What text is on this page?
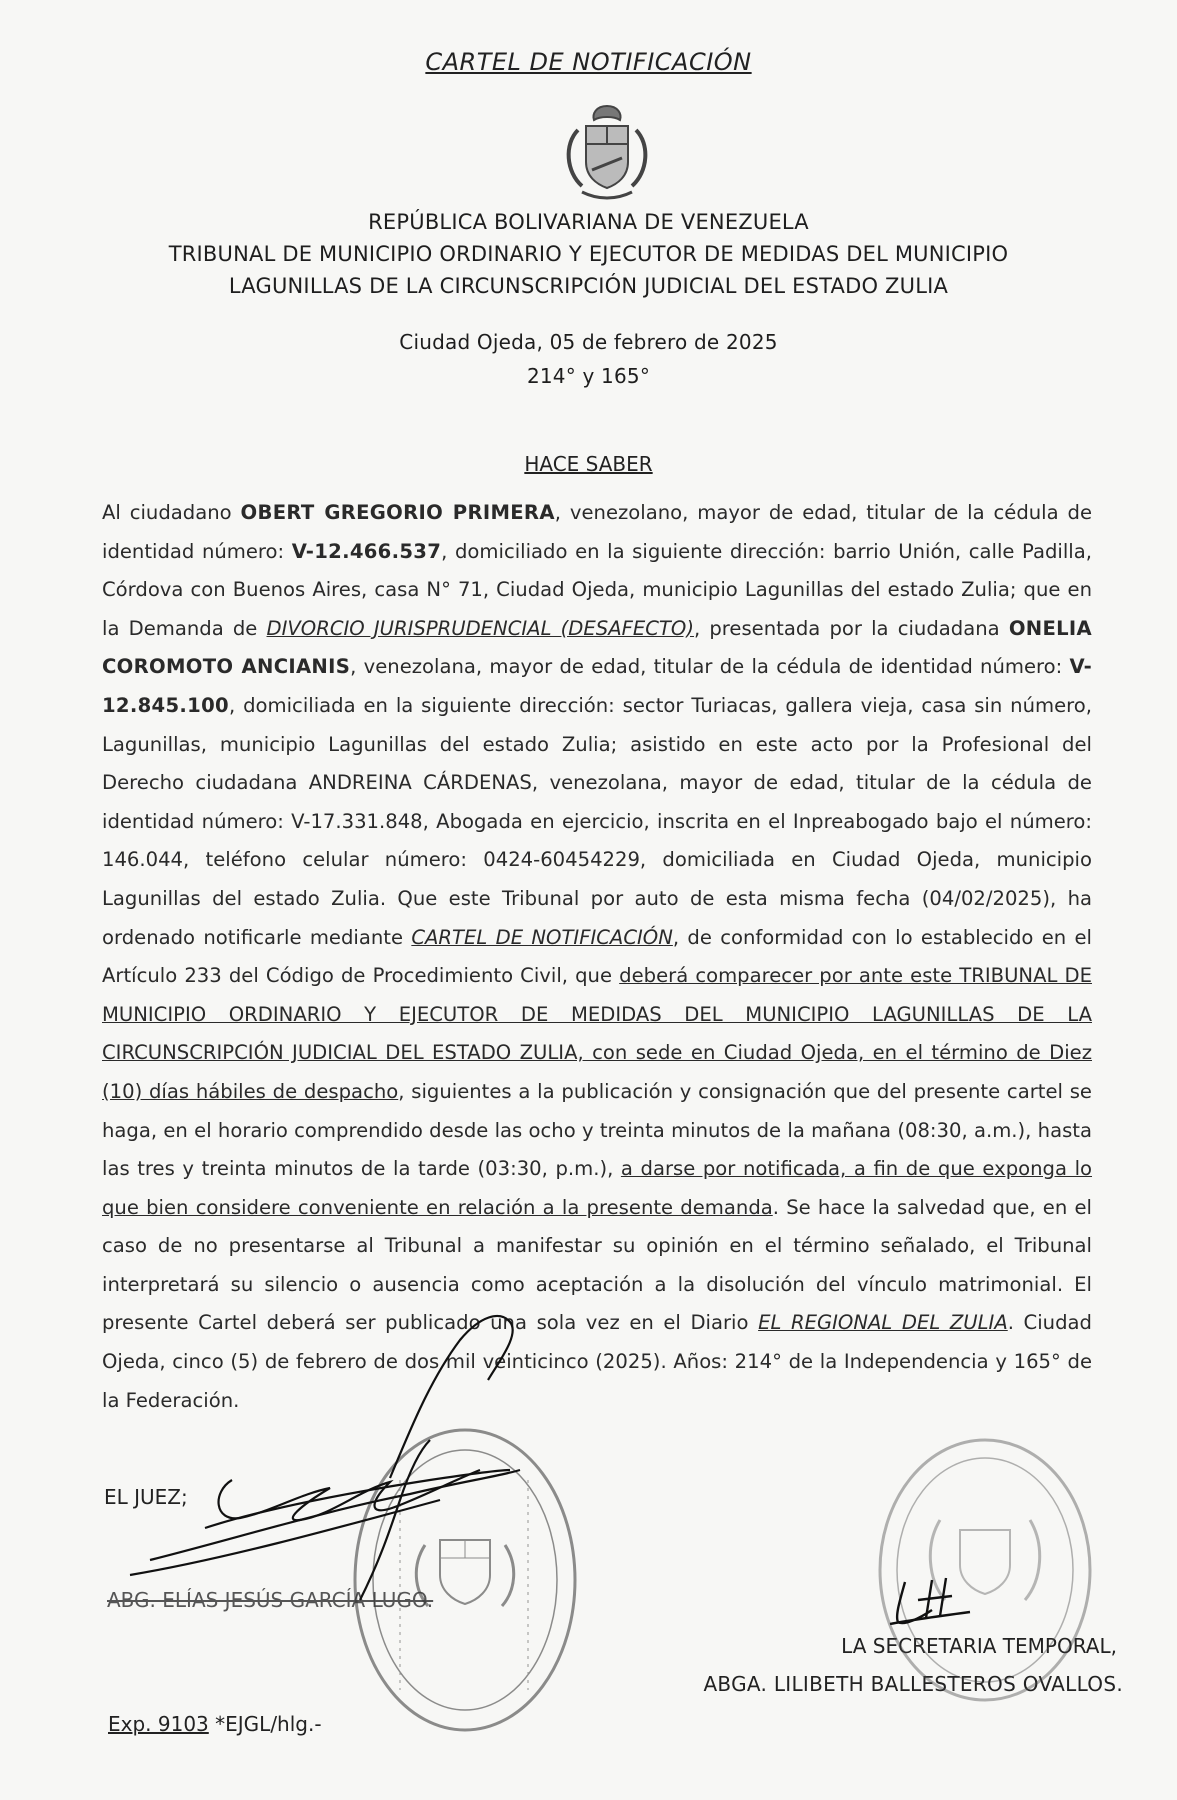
CARTEL DE NOTIFICACIÓN
REPÚBLICA BOLIVARIANA DE VENEZUELA
TRIBUNAL DE MUNICIPIO ORDINARIO Y EJECUTOR DE MEDIDAS DEL MUNICIPIO
LAGUNILLAS DE LA CIRCUNSCRIPCIÓN JUDICIAL DEL ESTADO ZULIA
Ciudad Ojeda, 05 de febrero de 2025
214° y 165°
HACE SABER
Al ciudadano OBERT GREGORIO PRIMERA, venezolano, mayor de edad, titular de la cédula de identidad número: V-12.466.537, domiciliado en la siguiente dirección: barrio Unión, calle Padilla, Córdova con Buenos Aires, casa N° 71, Ciudad Ojeda, municipio Lagunillas del estado Zulia; que en la Demanda de DIVORCIO JURISPRUDENCIAL (DESAFECTO), presentada por la ciudadana ONELIA COROMOTO ANCIANIS, venezolana, mayor de edad, titular de la cédula de identidad número: V-12.845.100, domiciliada en la siguiente dirección: sector Turiacas, gallera vieja, casa sin número, Lagunillas, municipio Lagunillas del estado Zulia; asistido en este acto por la Profesional del Derecho ciudadana ANDREINA CÁRDENAS, venezolana, mayor de edad, titular de la cédula de identidad número: V-17.331.848, Abogada en ejercicio, inscrita en el Inpreabogado bajo el número: 146.044, teléfono celular número: 0424-60454229, domiciliada en Ciudad Ojeda, municipio Lagunillas del estado Zulia. Que este Tribunal por auto de esta misma fecha (04/02/2025), ha ordenado notificarle mediante CARTEL DE NOTIFICACIÓN, de conformidad con lo establecido en el Artículo 233 del Código de Procedimiento Civil, que deberá comparecer por ante este TRIBUNAL DE MUNICIPIO ORDINARIO Y EJECUTOR DE MEDIDAS DEL MUNICIPIO LAGUNILLAS DE LA CIRCUNSCRIPCIÓN JUDICIAL DEL ESTADO ZULIA, con sede en Ciudad Ojeda, en el término de Diez (10) días hábiles de despacho, siguientes a la publicación y consignación que del presente cartel se haga, en el horario comprendido desde las ocho y treinta minutos de la mañana (08:30, a.m.), hasta las tres y treinta minutos de la tarde (03:30, p.m.), a darse por notificada, a fin de que exponga lo que bien considere conveniente en relación a la presente demanda. Se hace la salvedad que, en el caso de no presentarse al Tribunal a manifestar su opinión en el término señalado, el Tribunal interpretará su silencio o ausencia como aceptación a la disolución del vínculo matrimonial. El presente Cartel deberá ser publicado una sola vez en el Diario EL REGIONAL DEL ZULIA. Ciudad Ojeda, cinco (5) de febrero de dos mil veinticinco (2025). Años: 214° de la Independencia y 165° de la Federación.
EL JUEZ;
ABG. ELÍAS JESÚS GARCÍA LUGO.
LA SECRETARIA TEMPORAL,
ABGA. LILIBETH BALLESTEROS OVALLOS.
Exp. 9103 *EJGL/hlg.-
